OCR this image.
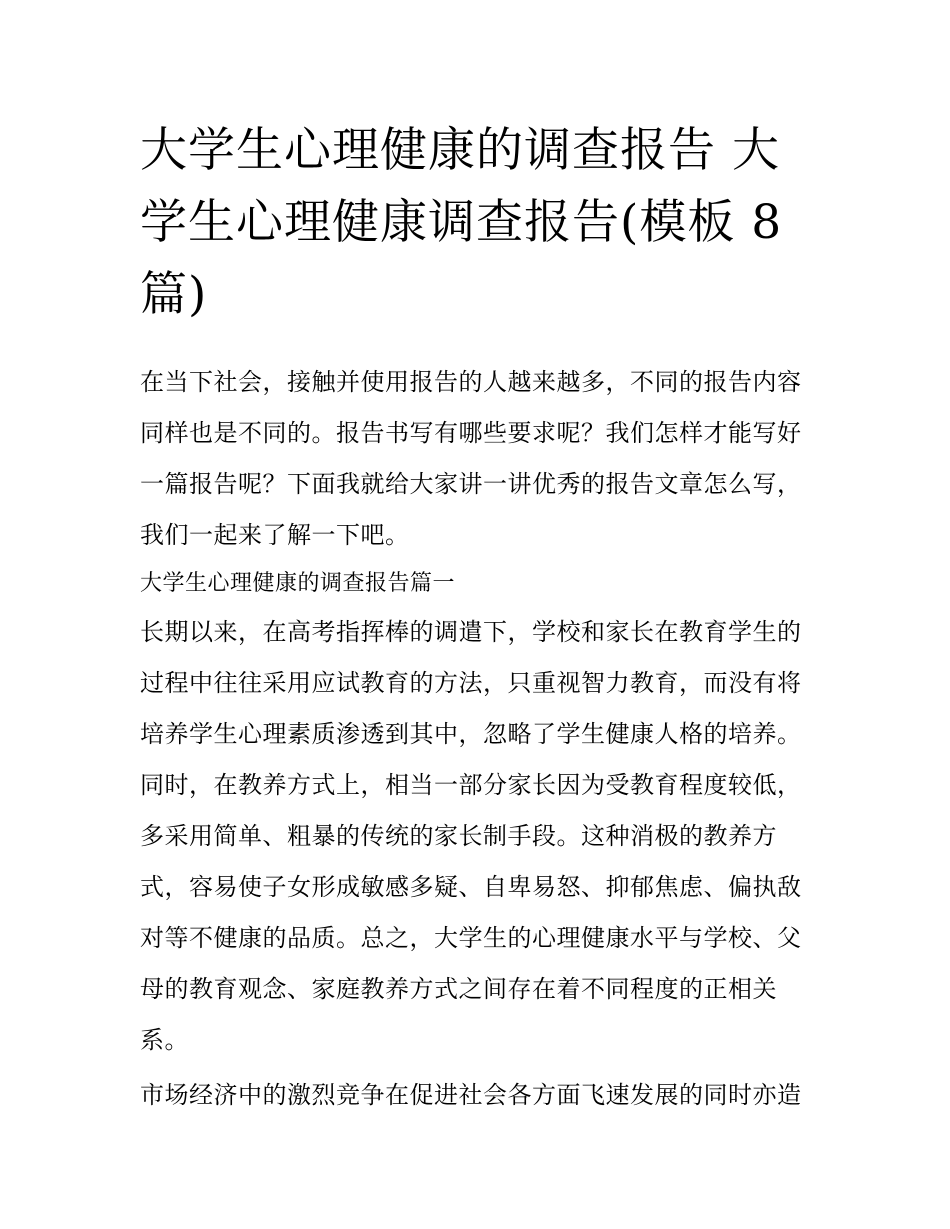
大学生心理健康的调查报告 大学生心理健康调查报告(模板 8 篇)

在当下社会，接触并使用报告的人越来越多，不同的报告内容同样也是不同的。报告书写有哪些要求呢？我们怎样才能写好一篇报告呢？下面我就给大家讲一讲优秀的报告文章怎么写，我们一起来了解一下吧。

大学生心理健康的调查报告篇一

长期以来，在高考指挥棒的调遣下，学校和家长在教育学生的过程中往往采用应试教育的方法，只重视智力教育，而没有将培养学生心理素质渗透到其中，忽略了学生健康人格的培养。同时，在教养方式上，相当一部分家长因为受教育程度较低，多采用简单、粗暴的传统的家长制手段。这种消极的教养方式，容易使子女形成敏感多疑、自卑易怒、抑郁焦虑、偏执敌对等不健康的品质。总之，大学生的心理健康水平与学校、父母的教育观念、家庭教养方式之间存在着不同程度的正相关系。

市场经济中的激烈竞争在促进社会各方面飞速发展的同时亦造
